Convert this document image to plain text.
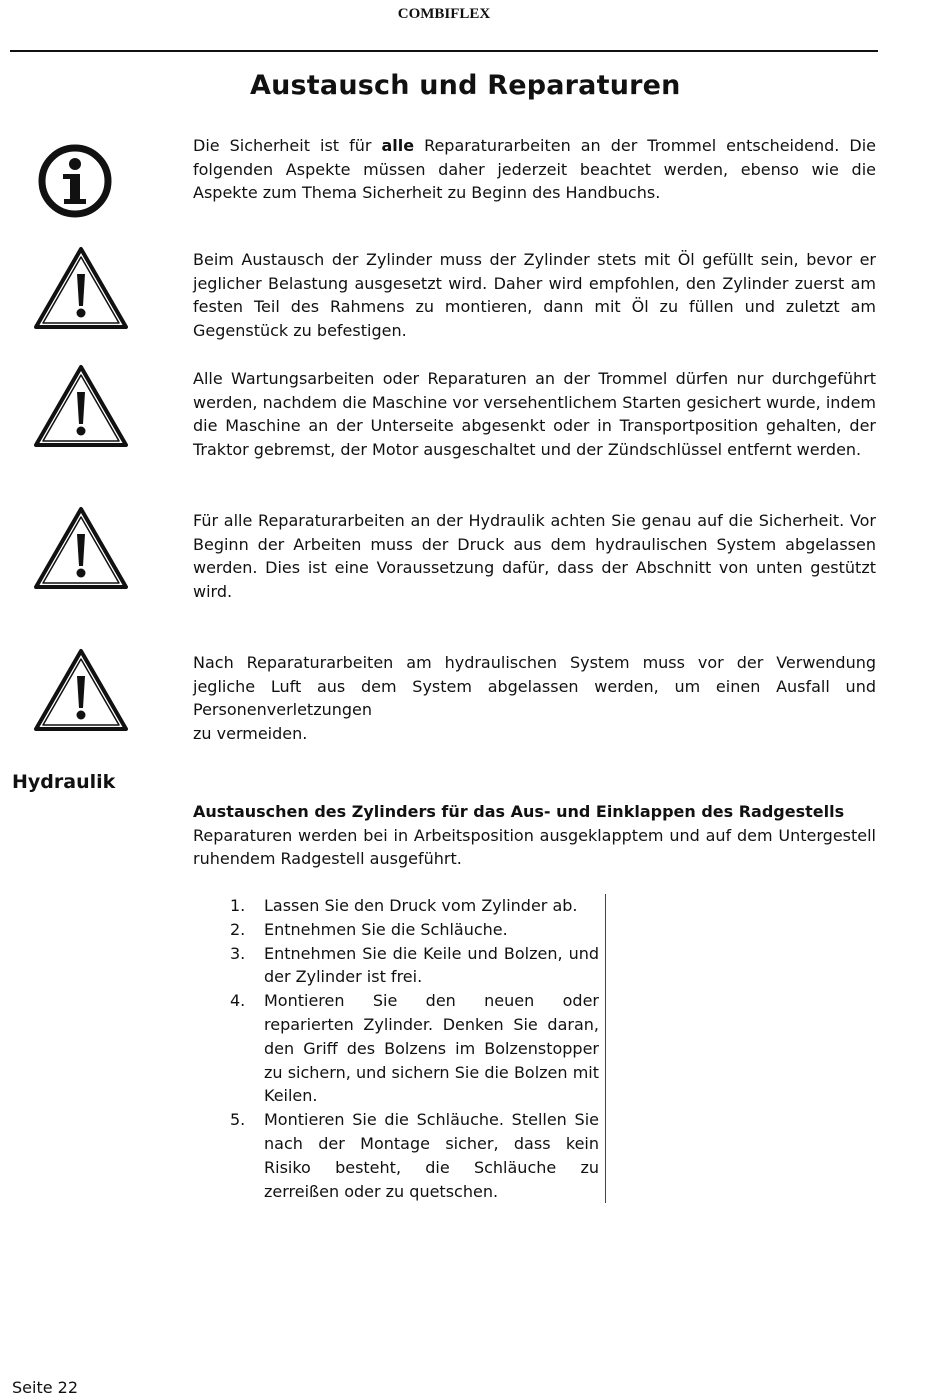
COMBIFLEX
Austausch und Reparaturen

Die Sicherheit ist für alle Reparaturarbeiten an der Trommel entscheidend. Die folgenden Aspekte müssen daher jederzeit beachtet werden, ebenso wie die Aspekte zum Thema Sicherheit zu Beginn des Handbuchs.

Beim Austausch der Zylinder muss der Zylinder stets mit Öl gefüllt sein, bevor er jeglicher Belastung ausgesetzt wird. Daher wird empfohlen, den Zylinder zuerst am festen Teil des Rahmens zu montieren, dann mit Öl zu füllen und zuletzt am Gegenstück zu befestigen.

Alle Wartungsarbeiten oder Reparaturen an der Trommel dürfen nur durchgeführt werden, nachdem die Maschine vor versehentlichem Starten gesichert wurde, indem die Maschine an der Unterseite abgesenkt oder in Transportposition gehalten, der Traktor gebremst, der Motor ausgeschaltet und der Zündschlüssel entfernt werden.

Für alle Reparaturarbeiten an der Hydraulik achten Sie genau auf die Sicherheit. Vor Beginn der Arbeiten muss der Druck aus dem hydraulischen System abgelassen werden. Dies ist eine Voraussetzung dafür, dass der Abschnitt von unten gestützt wird.

Nach Reparaturarbeiten am hydraulischen System muss vor der Verwendung jegliche Luft aus dem System abgelassen werden, um einen Ausfall und Personenverletzungen

zu vermeiden.

Hydraulik

Austauschen des Zylinders für das Aus- und Einklappen des Radgestells

Reparaturen werden bei in Arbeitsposition ausgeklapptem und auf dem Untergestell ruhendem Radgestell ausgeführt.

1.	Lassen Sie den Druck vom Zylinder ab.
2.	Entnehmen Sie die Schläuche.
3.	Entnehmen Sie die Keile und Bolzen, und der Zylinder ist frei.
4.	Montieren Sie den neuen oder reparierten Zylinder. Denken Sie daran, den Griff des Bolzens im Bolzenstopper zu sichern, und sichern Sie die Bolzen mit Keilen.
5.	Montieren Sie die Schläuche. Stellen Sie nach der Montage sicher, dass kein Risiko besteht, die Schläuche zu zerreißen oder zu quetschen.
Seite 22
